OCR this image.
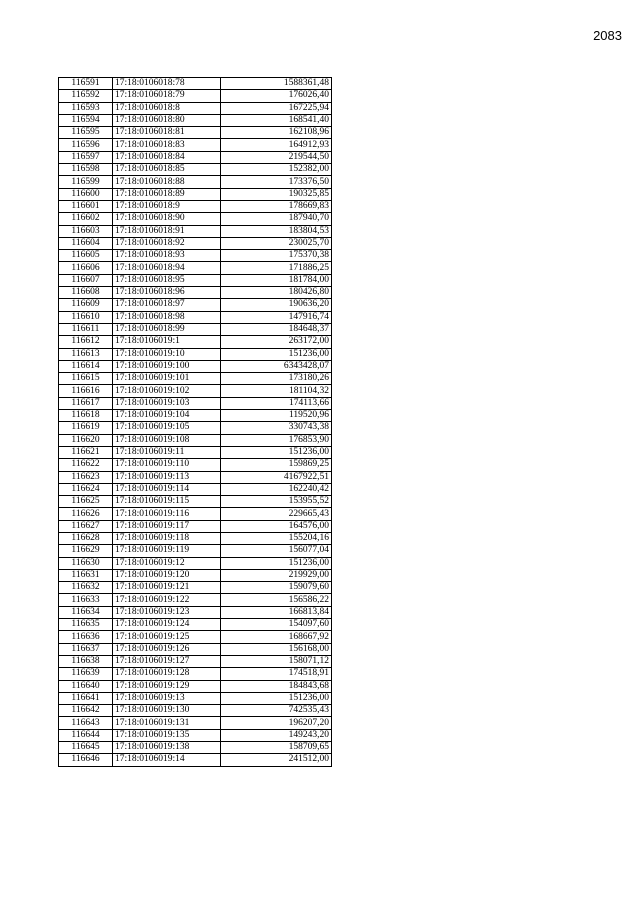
2083
116591	17:18:0106018:78	1588361,48
116592	17:18:0106018:79	176026,40
116593	17:18:0106018:8	167225,94
116594	17:18:0106018:80	168541,40
116595	17:18:0106018:81	162108,96
116596	17:18:0106018:83	164912,93
116597	17:18:0106018:84	219544,50
116598	17:18:0106018:85	152382,00
116599	17:18:0106018:88	173376,50
116600	17:18:0106018:89	190325,85
116601	17:18:0106018:9	178669,83
116602	17:18:0106018:90	187940,70
116603	17:18:0106018:91	183804,53
116604	17:18:0106018:92	230025,70
116605	17:18:0106018:93	175370,38
116606	17:18:0106018:94	171886,25
116607	17:18:0106018:95	181784,00
116608	17:18:0106018:96	180426,80
116609	17:18:0106018:97	190636,20
116610	17:18:0106018:98	147916,74
116611	17:18:0106018:99	184648,37
116612	17:18:0106019:1	263172,00
116613	17:18:0106019:10	151236,00
116614	17:18:0106019:100	6343428,07
116615	17:18:0106019:101	173180,26
116616	17:18:0106019:102	181104,32
116617	17:18:0106019:103	174113,66
116618	17:18:0106019:104	119520,96
116619	17:18:0106019:105	330743,38
116620	17:18:0106019:108	176853,90
116621	17:18:0106019:11	151236,00
116622	17:18:0106019:110	159869,25
116623	17:18:0106019:113	4167922,51
116624	17:18:0106019:114	162240,42
116625	17:18:0106019:115	153955,52
116626	17:18:0106019:116	229665,43
116627	17:18:0106019:117	164576,00
116628	17:18:0106019:118	155204,16
116629	17:18:0106019:119	156077,04
116630	17:18:0106019:12	151236,00
116631	17:18:0106019:120	219929,00
116632	17:18:0106019:121	159079,60
116633	17:18:0106019:122	156586,22
116634	17:18:0106019:123	166813,84
116635	17:18:0106019:124	154097,60
116636	17:18:0106019:125	168667,92
116637	17:18:0106019:126	156168,00
116638	17:18:0106019:127	158071,12
116639	17:18:0106019:128	174518,91
116640	17:18:0106019:129	184843,68
116641	17:18:0106019:13	151236,00
116642	17:18:0106019:130	742535,43
116643	17:18:0106019:131	196207,20
116644	17:18:0106019:135	149243,20
116645	17:18:0106019:138	158709,65
116646	17:18:0106019:14	241512,00
